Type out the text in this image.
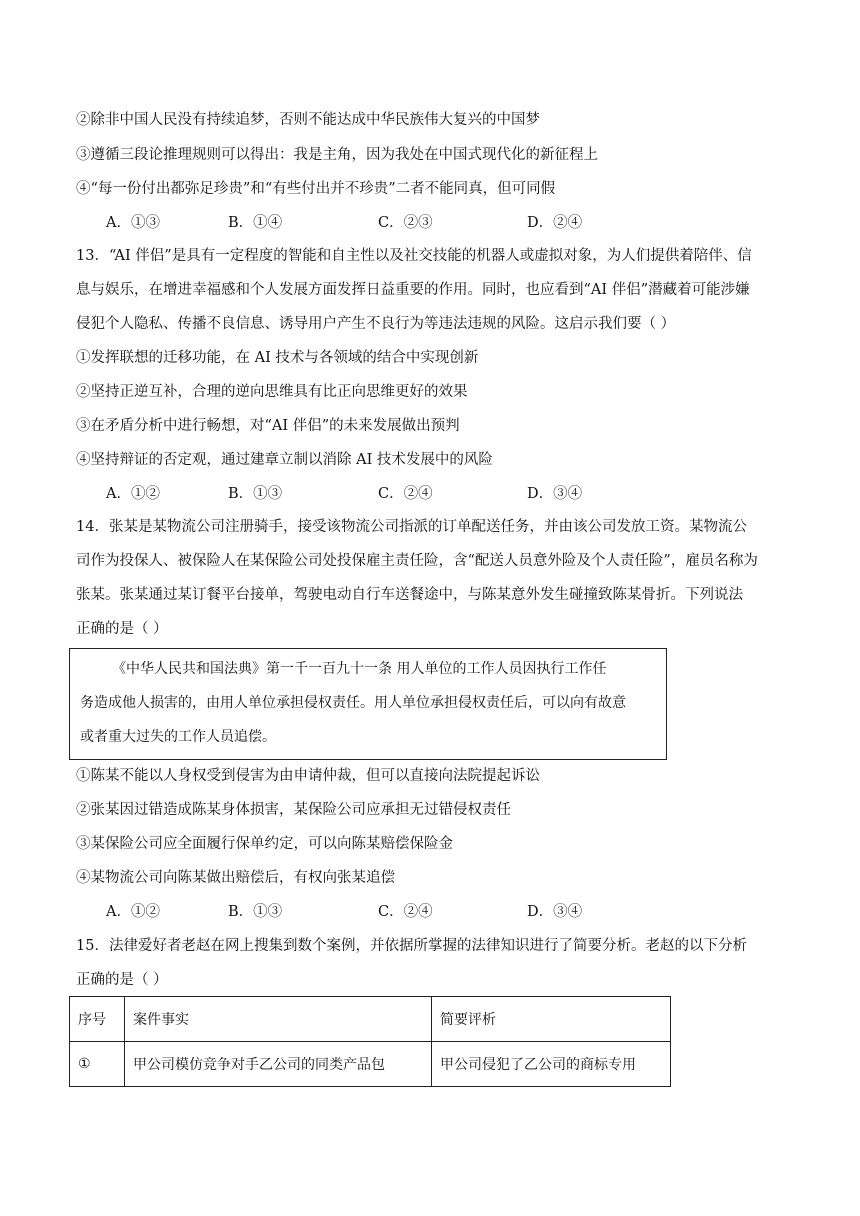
②除非中国人民没有持续追梦，否则不能达成中华民族伟大复兴的中国梦
③遵循三段论推理规则可以得出：我是主角，因为我处在中国式现代化的新征程上
④“每一份付出都弥足珍贵”和“有些付出并不珍贵”二者不能同真，但可同假
A．①③	B．①④	C．②③	D．②④
13．“AI 伴侣”是具有一定程度的智能和自主性以及社交技能的机器人或虚拟对象，为人们提供着陪伴、信
息与娱乐，在增进幸福感和个人发展方面发挥日益重要的作用。同时，也应看到“AI 伴侣”潜藏着可能涉嫌
侵犯个人隐私、传播不良信息、诱导用户产生不良行为等违法违规的风险。这启示我们要（ ）
①发挥联想的迁移功能，在 AI 技术与各领域的结合中实现创新
②坚持正逆互补，合理的逆向思维具有比正向思维更好的效果
③在矛盾分析中进行畅想，对“AI 伴侣”的未来发展做出预判
④坚持辩证的否定观，通过建章立制以消除 AI 技术发展中的风险
A．①②	B．①③	C．②④	D．③④
14．张某是某物流公司注册骑手，接受该物流公司指派的订单配送任务，并由该公司发放工资。某物流公
司作为投保人、被保险人在某保险公司处投保雇主责任险，含“配送人员意外险及个人责任险”，雇员名称为
张某。张某通过某订餐平台接单，驾驶电动自行车送餐途中，与陈某意外发生碰撞致陈某骨折。下列说法
正确的是（ ）
《中华人民共和国法典》第一千一百九十一条 用人单位的工作人员因执行工作任
务造成他人损害的，由用人单位承担侵权责任。用人单位承担侵权责任后，可以向有故意
或者重大过失的工作人员追偿。
①陈某不能以人身权受到侵害为由申请仲裁，但可以直接向法院提起诉讼
②张某因过错造成陈某身体损害，某保险公司应承担无过错侵权责任
③某保险公司应全面履行保单约定，可以向陈某赔偿保险金
④某物流公司向陈某做出赔偿后，有权向张某追偿
A．①②	B．①③	C．②④	D．③④
15．法律爱好者老赵在网上搜集到数个案例，并依据所掌握的法律知识进行了简要分析。老赵的以下分析
正确的是（ ）
序号	案件事实	简要评析
①	甲公司模仿竞争对手乙公司的同类产品包	甲公司侵犯了乙公司的商标专用
